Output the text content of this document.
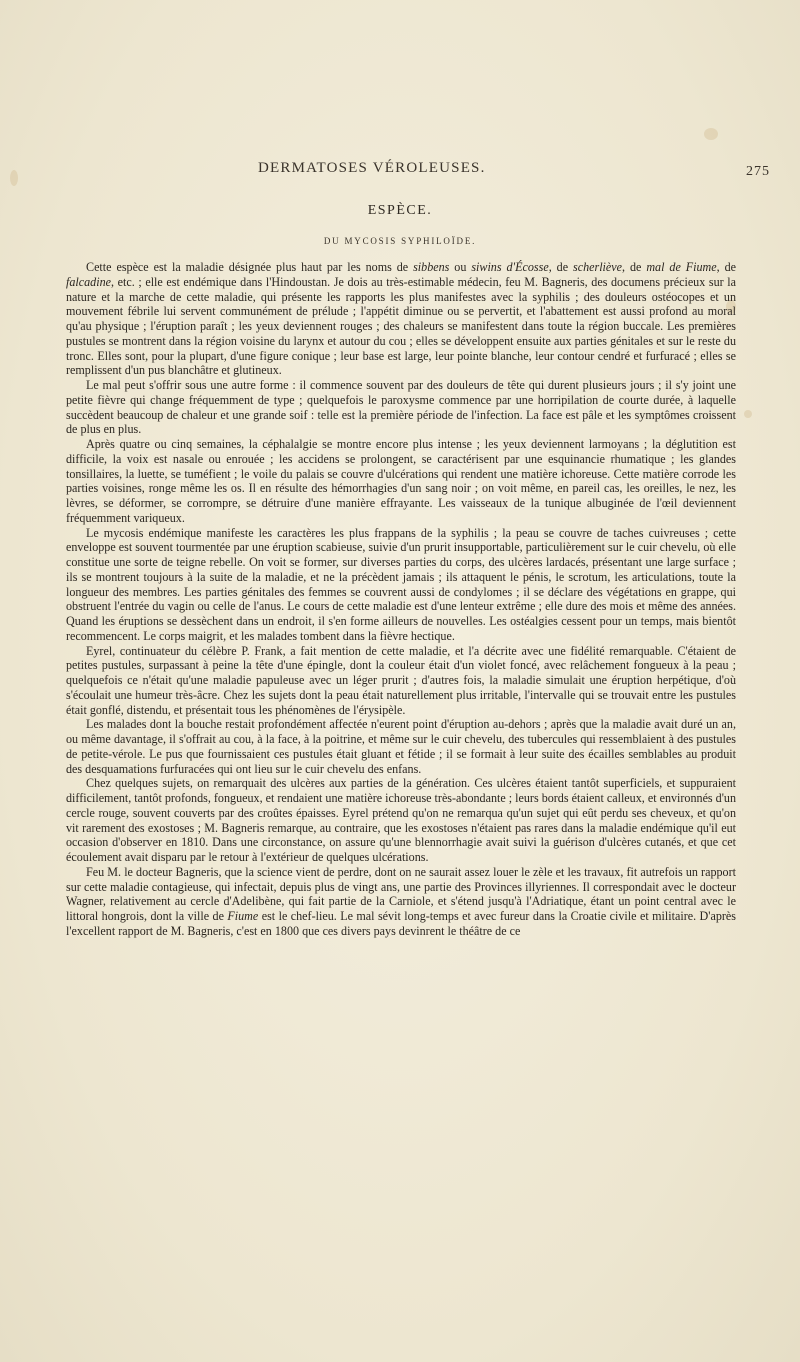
DERMATOSES VÉROLEUSES.	275
ESPÈCE.
DU MYCOSIS SYPHILOÏDE.

Cette espèce est la maladie désignée plus haut par les noms de sibbens ou siwins d'Écosse, de scherliève, de mal de Fiume, de falcadine, etc. ; elle est endémique dans l'Hindoustan. Je dois au très-estimable médecin, feu M. Bagneris, des documens précieux sur la nature et la marche de cette maladie, qui présente les rapports les plus manifestes avec la syphilis ; des douleurs ostéocopes et un mouvement fébrile lui servent communément de prélude ; l'appétit diminue ou se pervertit, et l'abattement est aussi profond au moral qu'au physique ; l'éruption paraît ; les yeux deviennent rouges ; des chaleurs se manifestent dans toute la région buccale. Les premières pustules se montrent dans la région voisine du larynx et autour du cou ; elles se développent ensuite aux parties génitales et sur le reste du tronc. Elles sont, pour la plupart, d'une figure conique ; leur base est large, leur pointe blanche, leur contour cendré et furfuracé ; elles se remplissent d'un pus blanchâtre et glutineux.

Le mal peut s'offrir sous une autre forme : il commence souvent par des douleurs de tête qui durent plusieurs jours ; il s'y joint une petite fièvre qui change fréquemment de type ; quelquefois le paroxysme commence par une horripilation de courte durée, à laquelle succèdent beaucoup de chaleur et une grande soif : telle est la première période de l'infection. La face est pâle et les symptômes croissent de plus en plus.

Après quatre ou cinq semaines, la céphalalgie se montre encore plus intense ; les yeux deviennent larmoyans ; la déglutition est difficile, la voix est nasale ou enrouée ; les accidens se prolongent, se caractérisent par une esquinancie rhumatique ; les glandes tonsillaires, la luette, se tuméfient ; le voile du palais se couvre d'ulcérations qui rendent une matière ichoreuse. Cette matière corrode les parties voisines, ronge même les os. Il en résulte des hémorrhagies d'un sang noir ; on voit même, en pareil cas, les oreilles, le nez, les lèvres, se déformer, se corrompre, se détruire d'une manière effrayante. Les vaisseaux de la tunique albuginée de l'œil deviennent fréquemment variqueux.

Le mycosis endémique manifeste les caractères les plus frappans de la syphilis ; la peau se couvre de taches cuivreuses ; cette enveloppe est souvent tourmentée par une éruption scabieuse, suivie d'un prurit insupportable, particulièrement sur le cuir chevelu, où elle constitue une sorte de teigne rebelle. On voit se former, sur diverses parties du corps, des ulcères lardacés, présentant une large surface ; ils se montrent toujours à la suite de la maladie, et ne la précèdent jamais ; ils attaquent le pénis, le scrotum, les articulations, toute la longueur des membres. Les parties génitales des femmes se couvrent aussi de condylomes ; il se déclare des végétations en grappe, qui obstruent l'entrée du vagin ou celle de l'anus. Le cours de cette maladie est d'une lenteur extrême ; elle dure des mois et même des années. Quand les éruptions se dessèchent dans un endroit, il s'en forme ailleurs de nouvelles. Les ostéalgies cessent pour un temps, mais bientôt recommencent. Le corps maigrit, et les malades tombent dans la fièvre hectique.

Eyrel, continuateur du célèbre P. Frank, a fait mention de cette maladie, et l'a décrite avec une fidélité remarquable. C'étaient de petites pustules, surpassant à peine la tête d'une épingle, dont la couleur était d'un violet foncé, avec relâchement fongueux à la peau ; quelquefois ce n'était qu'une maladie papuleuse avec un léger prurit ; d'autres fois, la maladie simulait une éruption herpétique, d'où s'écoulait une humeur très-âcre. Chez les sujets dont la peau était naturellement plus irritable, l'intervalle qui se trouvait entre les pustules était gonflé, distendu, et présentait tous les phénomènes de l'érysipèle.

Les malades dont la bouche restait profondément affectée n'eurent point d'éruption au-dehors ; après que la maladie avait duré un an, ou même davantage, il s'offrait au cou, à la face, à la poitrine, et même sur le cuir chevelu, des tubercules qui ressemblaient à des pustules de petite-vérole. Le pus que fournissaient ces pustules était gluant et fétide ; il se formait à leur suite des écailles semblables au produit des desquamations furfuracées qui ont lieu sur le cuir chevelu des enfans.

Chez quelques sujets, on remarquait des ulcères aux parties de la génération. Ces ulcères étaient tantôt superficiels, et suppuraient difficilement, tantôt profonds, fongueux, et rendaient une matière ichoreuse très-abondante ; leurs bords étaient calleux, et environnés d'un cercle rouge, souvent couverts par des croûtes épaisses. Eyrel prétend qu'on ne remarqua qu'un sujet qui eût perdu ses cheveux, et qu'on vit rarement des exostoses ; M. Bagneris remarque, au contraire, que les exostoses n'étaient pas rares dans la maladie endémique qu'il eut occasion d'observer en 1810. Dans une circonstance, on assure qu'une blennorrhagie avait suivi la guérison d'ulcères cutanés, et que cet écoulement avait disparu par le retour à l'extérieur de quelques ulcérations.

Feu M. le docteur Bagneris, que la science vient de perdre, dont on ne saurait assez louer le zèle et les travaux, fit autrefois un rapport sur cette maladie contagieuse, qui infectait, depuis plus de vingt ans, une partie des Provinces illyriennes. Il correspondait avec le docteur Wagner, relativement au cercle d'Adelibène, qui fait partie de la Carniole, et s'étend jusqu'à l'Adriatique, étant un point central avec le littoral hongrois, dont la ville de Fiume est le chef-lieu. Le mal sévit long-temps et avec fureur dans la Croatie civile et militaire. D'après l'excellent rapport de M. Bagneris, c'est en 1800 que ces divers pays devinrent le théâtre de ce
